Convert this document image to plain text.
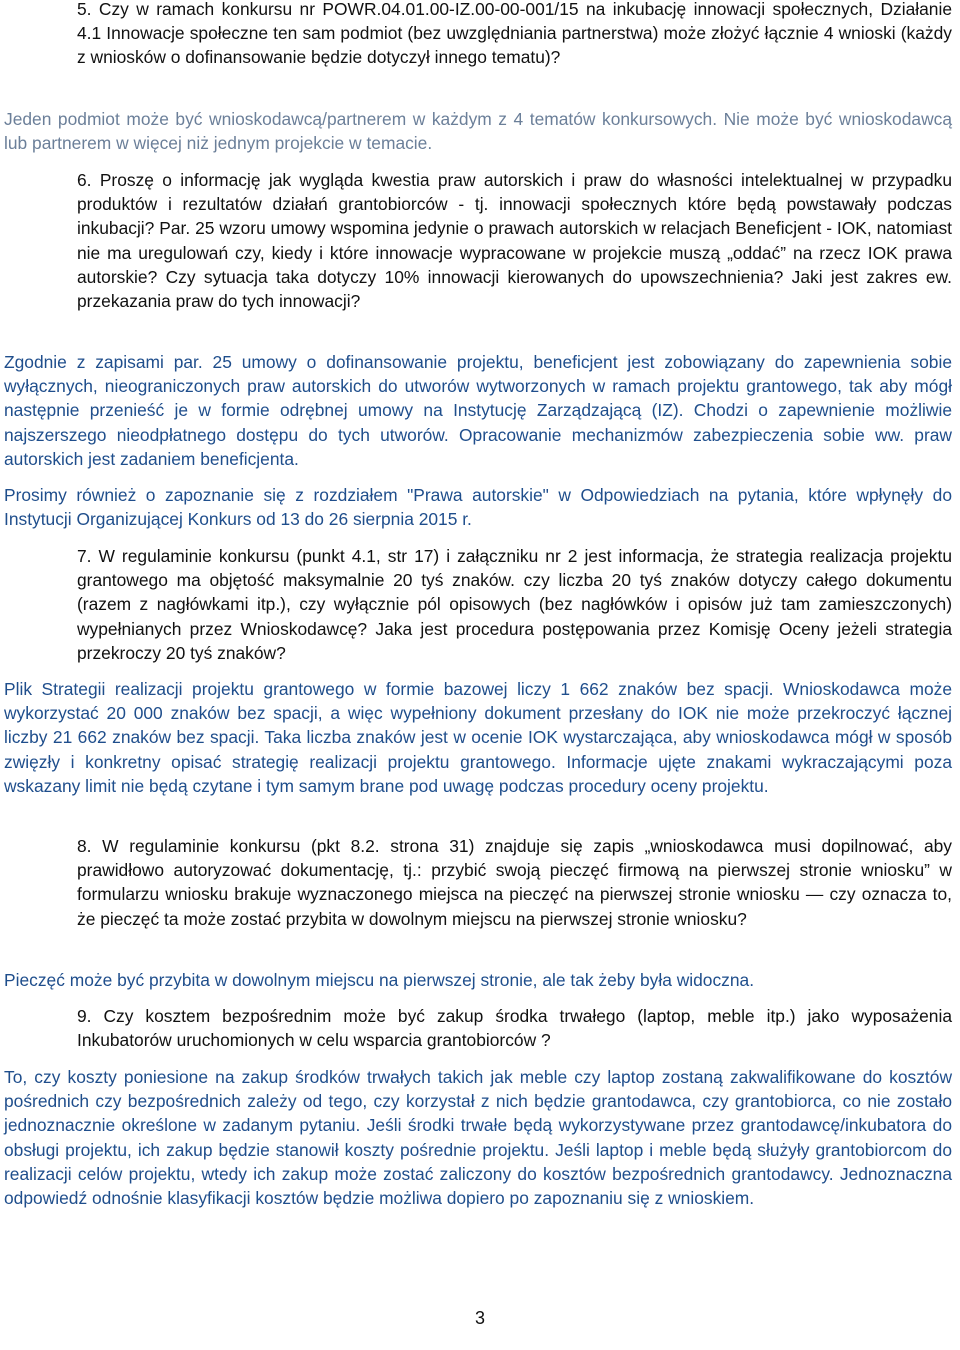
5. Czy w ramach konkursu nr POWR.04.01.00-IZ.00-00-001/15 na inkubację innowacji społecznych, Działanie 4.1 Innowacje społeczne ten sam podmiot (bez uwzględniania partnerstwa) może złożyć łącznie 4 wnioski (każdy z wniosków o dofinansowanie będzie dotyczył innego tematu)?

Jeden podmiot może być wnioskodawcą/partnerem w każdym z 4 tematów konkursowych. Nie może być wnioskodawcą lub partnerem w więcej niż jednym projekcie w temacie.

6. Proszę o informację jak wygląda kwestia praw autorskich i praw do własności intelektualnej w przypadku produktów i rezultatów działań grantobiorców - tj. innowacji społecznych które będą powstawały podczas inkubacji? Par. 25 wzoru umowy wspomina jedynie o prawach autorskich w relacjach Beneficjent - IOK, natomiast nie ma uregulowań czy, kiedy i które innowacje wypracowane w projekcie muszą „oddać” na rzecz IOK prawa autorskie? Czy sytuacja taka dotyczy 10% innowacji kierowanych do upowszechnienia? Jaki jest zakres ew. przekazania praw do tych innowacji?

Zgodnie z zapisami par. 25 umowy o dofinansowanie projektu, beneficjent jest zobowiązany do zapewnienia sobie wyłącznych, nieograniczonych praw autorskich do utworów wytworzonych w ramach projektu grantowego, tak aby mógł następnie przenieść je w formie odrębnej umowy na Instytucję Zarządzającą (IZ). Chodzi o zapewnienie możliwie najszerszego nieodpłatnego dostępu do tych utworów. Opracowanie mechanizmów zabezpieczenia sobie ww. praw autorskich jest zadaniem beneficjenta.

Prosimy również o zapoznanie się z rozdziałem "Prawa autorskie" w Odpowiedziach na pytania, które wpłynęły do Instytucji Organizującej Konkurs od 13 do 26 sierpnia 2015 r.

7. W regulaminie konkursu (punkt 4.1, str 17) i załączniku nr 2 jest informacja, że strategia realizacja projektu grantowego ma objętość maksymalnie 20 tyś znaków. czy liczba 20 tyś znaków dotyczy całego dokumentu (razem z nagłówkami itp.), czy wyłącznie pól opisowych (bez nagłówków i opisów już tam zamieszczonych) wypełnianych przez Wnioskodawcę? Jaka jest procedura postępowania przez Komisję Oceny jeżeli strategia przekroczy 20 tyś znaków?

Plik Strategii realizacji projektu grantowego w formie bazowej liczy 1 662 znaków bez spacji. Wnioskodawca może wykorzystać 20 000 znaków bez spacji, a więc wypełniony dokument przesłany do IOK nie może przekroczyć łącznej liczby 21 662 znaków bez spacji. Taka liczba znaków jest w ocenie IOK wystarczająca, aby wnioskodawca mógł w sposób zwięzły i konkretny opisać strategię realizacji projektu grantowego. Informacje ujęte znakami wykraczającymi poza wskazany limit nie będą czytane i tym samym brane pod uwagę podczas procedury oceny projektu.

8. W regulaminie konkursu (pkt 8.2. strona 31) znajduje się zapis „wnioskodawca musi dopilnować, aby prawidłowo autoryzować dokumentację, tj.: przybić swoją pieczęć firmową na pierwszej stronie wniosku” w formularzu wniosku brakuje wyznaczonego miejsca na pieczęć na pierwszej stronie wniosku — czy oznacza to, że pieczęć ta może zostać przybita w dowolnym miejscu na pierwszej stronie wniosku?

Pieczęć może być przybita w dowolnym miejscu na pierwszej stronie, ale tak żeby była widoczna.

9. Czy kosztem bezpośrednim może być zakup środka trwałego (laptop, meble itp.) jako wyposażenia Inkubatorów uruchomionych w celu wsparcia grantobiorców ?

To, czy koszty poniesione na zakup środków trwałych takich jak meble czy laptop zostaną zakwalifikowane do kosztów pośrednich czy bezpośrednich zależy od tego, czy korzystał z nich będzie grantodawca, czy grantobiorca, co nie zostało jednoznacznie określone w zadanym pytaniu. Jeśli środki trwałe będą wykorzystywane przez grantodawcę/inkubatora do obsługi projektu, ich zakup będzie stanowił koszty pośrednie projektu. Jeśli laptop i meble będą służyły grantobiorcom do realizacji celów projektu, wtedy ich zakup może zostać zaliczony do kosztów bezpośrednich grantodawcy. Jednoznaczna odpowiedź odnośnie klasyfikacji kosztów będzie możliwa dopiero po zapoznaniu się z wnioskiem.

3
